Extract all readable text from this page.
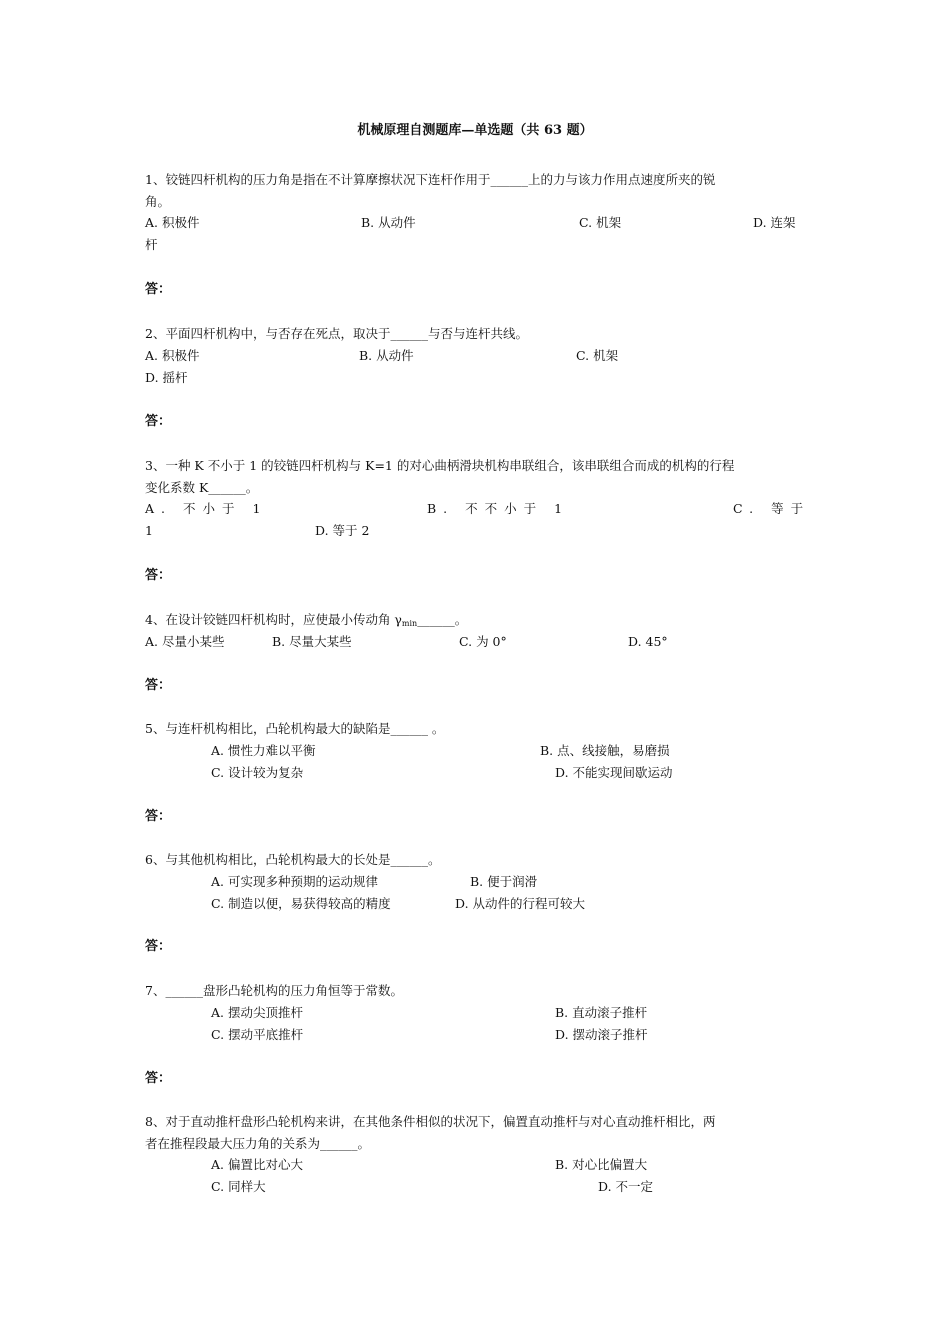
机械原理自测题库—单选题（共 63 题）
1、铰链四杆机构的压力角是指在不计算摩擦状况下连杆作用于______上的力与该力作用点速度所夹的锐
角。
A. 积极件	B. 从动件	C. 机架	D. 连架
杆
答：
2、平面四杆机构中，与否存在死点，取决于______与否与连杆共线。
A. 积极件	B. 从动件	C. 机架
D. 摇杆
答：
3、一种 K 不小于 1 的铰链四杆机构与 K=1 的对心曲柄滑块机构串联组合，该串联组合而成的机构的行程
变化系数 K______。
A. 不小于 1	B. 不不小于 1	C. 等于
1	D. 等于 2
答：
4、在设计铰链四杆机构时，应使最小传动角 $\gamma_{min}\_\_\_\_\_\_$。
A. 尽量小某些	B. 尽量大某些	C. 为 0°	D. 45°
答：
5、与连杆机构相比，凸轮机构最大的缺陷是______ 。
A. 惯性力难以平衡	B. 点、线接触，易磨损
C. 设计较为复杂	D. 不能实现间歇运动
答：
6、与其他机构相比，凸轮机构最大的长处是______。
A. 可实现多种预期的运动规律	B. 便于润滑
C. 制造以便，易获得较高的精度	D. 从动件的行程可较大
答：
7、______盘形凸轮机构的压力角恒等于常数。
A. 摆动尖顶推杆	B. 直动滚子推杆
C. 摆动平底推杆	D. 摆动滚子推杆
答：
8、对于直动推杆盘形凸轮机构来讲，在其他条件相似的状况下，偏置直动推杆与对心直动推杆相比，两
者在推程段最大压力角的关系为______。
A. 偏置比对心大	B. 对心比偏置大
C. 同样大	D. 不一定
